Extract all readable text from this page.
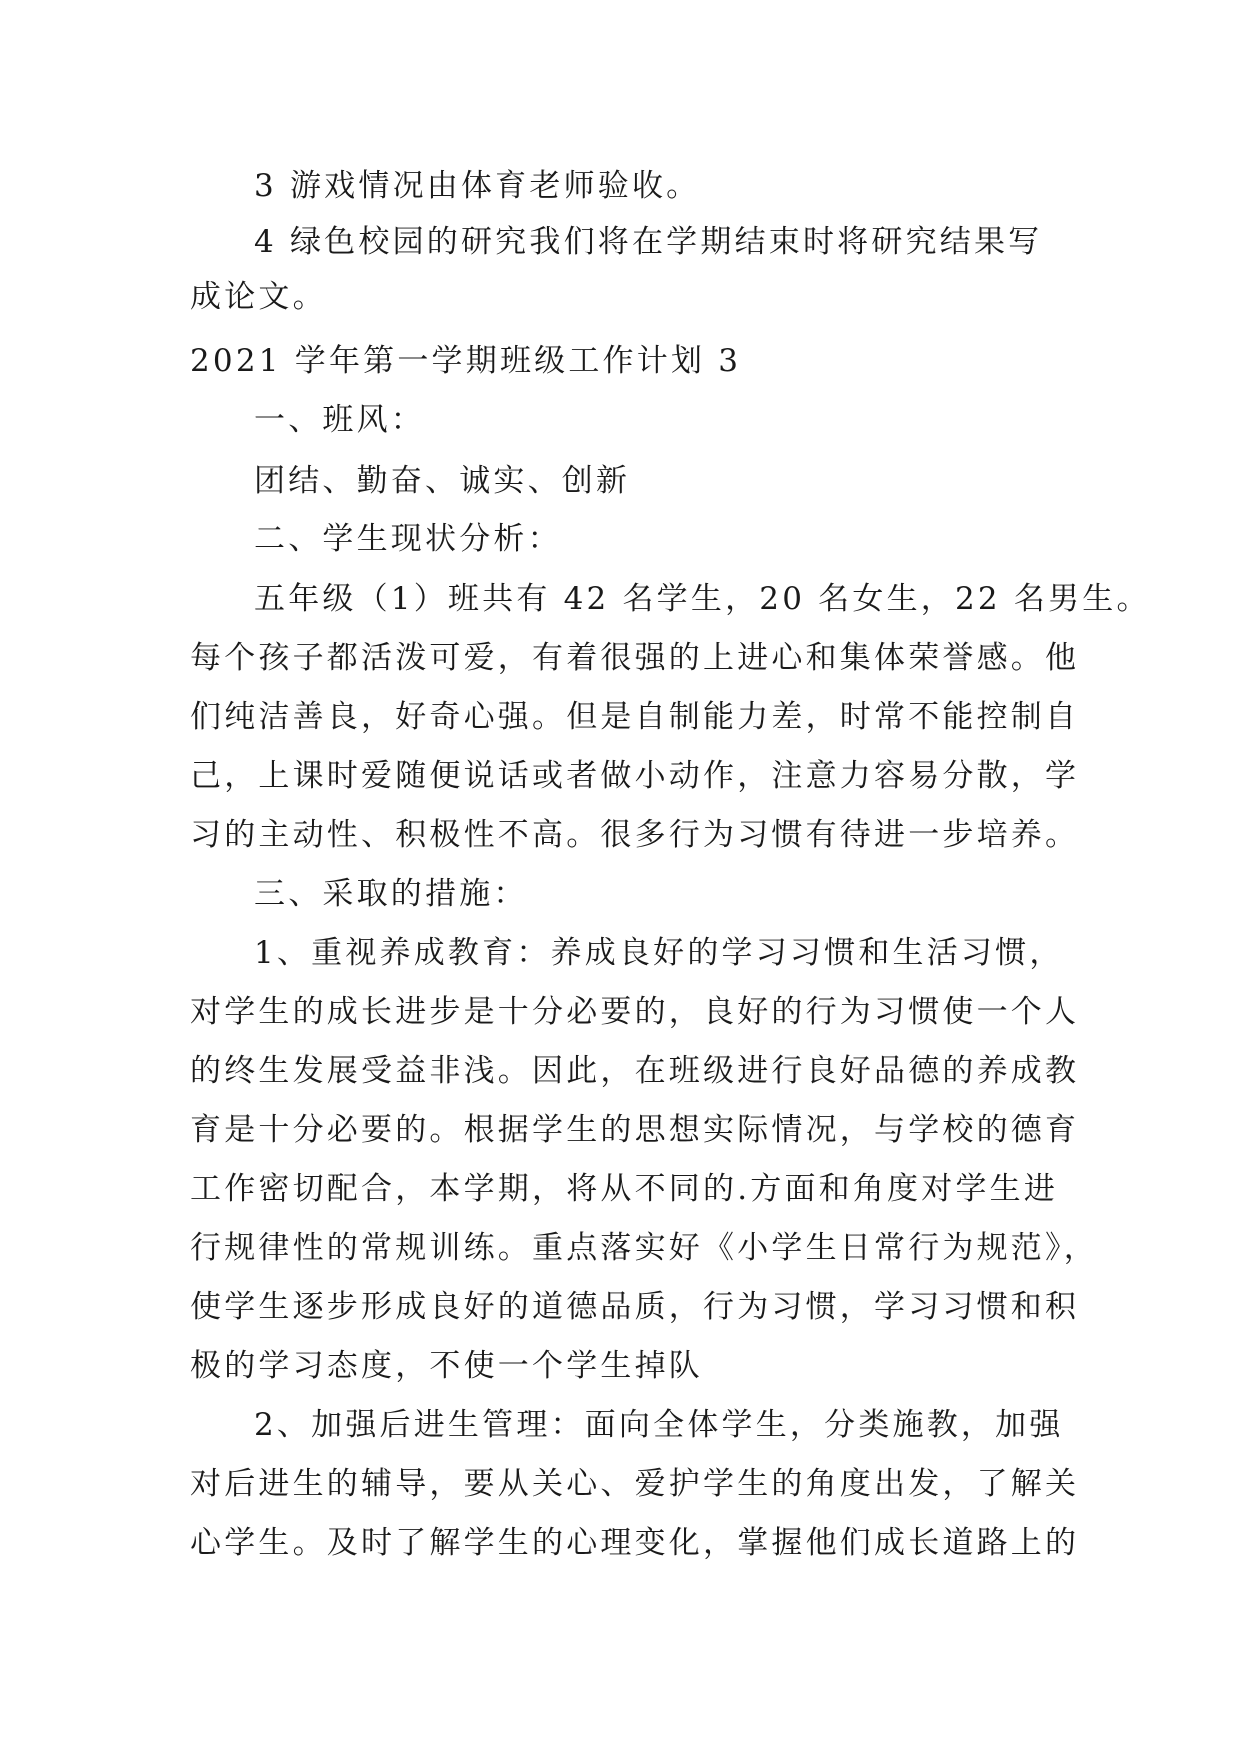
3 游戏情况由体育老师验收。
4 绿色校园的研究我们将在学期结束时将研究结果写
成论文。
2021 学年第一学期班级工作计划 3
一、班风：
团结、勤奋、诚实、创新
二、学生现状分析：
五年级（1）班共有 42 名学生，20 名女生，22 名男生。
每个孩子都活泼可爱，有着很强的上进心和集体荣誉感。他
们纯洁善良，好奇心强。但是自制能力差，时常不能控制自
己，上课时爱随便说话或者做小动作，注意力容易分散，学
习的主动性、积极性不高。很多行为习惯有待进一步培养。
三、采取的措施：
1、重视养成教育：养成良好的学习习惯和生活习惯，
对学生的成长进步是十分必要的，良好的行为习惯使一个人
的终生发展受益非浅。因此，在班级进行良好品德的养成教
育是十分必要的。根据学生的思想实际情况，与学校的德育
工作密切配合，本学期，将从不同的.方面和角度对学生进
行规律性的常规训练。重点落实好《小学生日常行为规范》，
使学生逐步形成良好的道德品质，行为习惯，学习习惯和积
极的学习态度，不使一个学生掉队
2、加强后进生管理：面向全体学生，分类施教，加强
对后进生的辅导，要从关心、爱护学生的角度出发，了解关
心学生。及时了解学生的心理变化，掌握他们成长道路上的
